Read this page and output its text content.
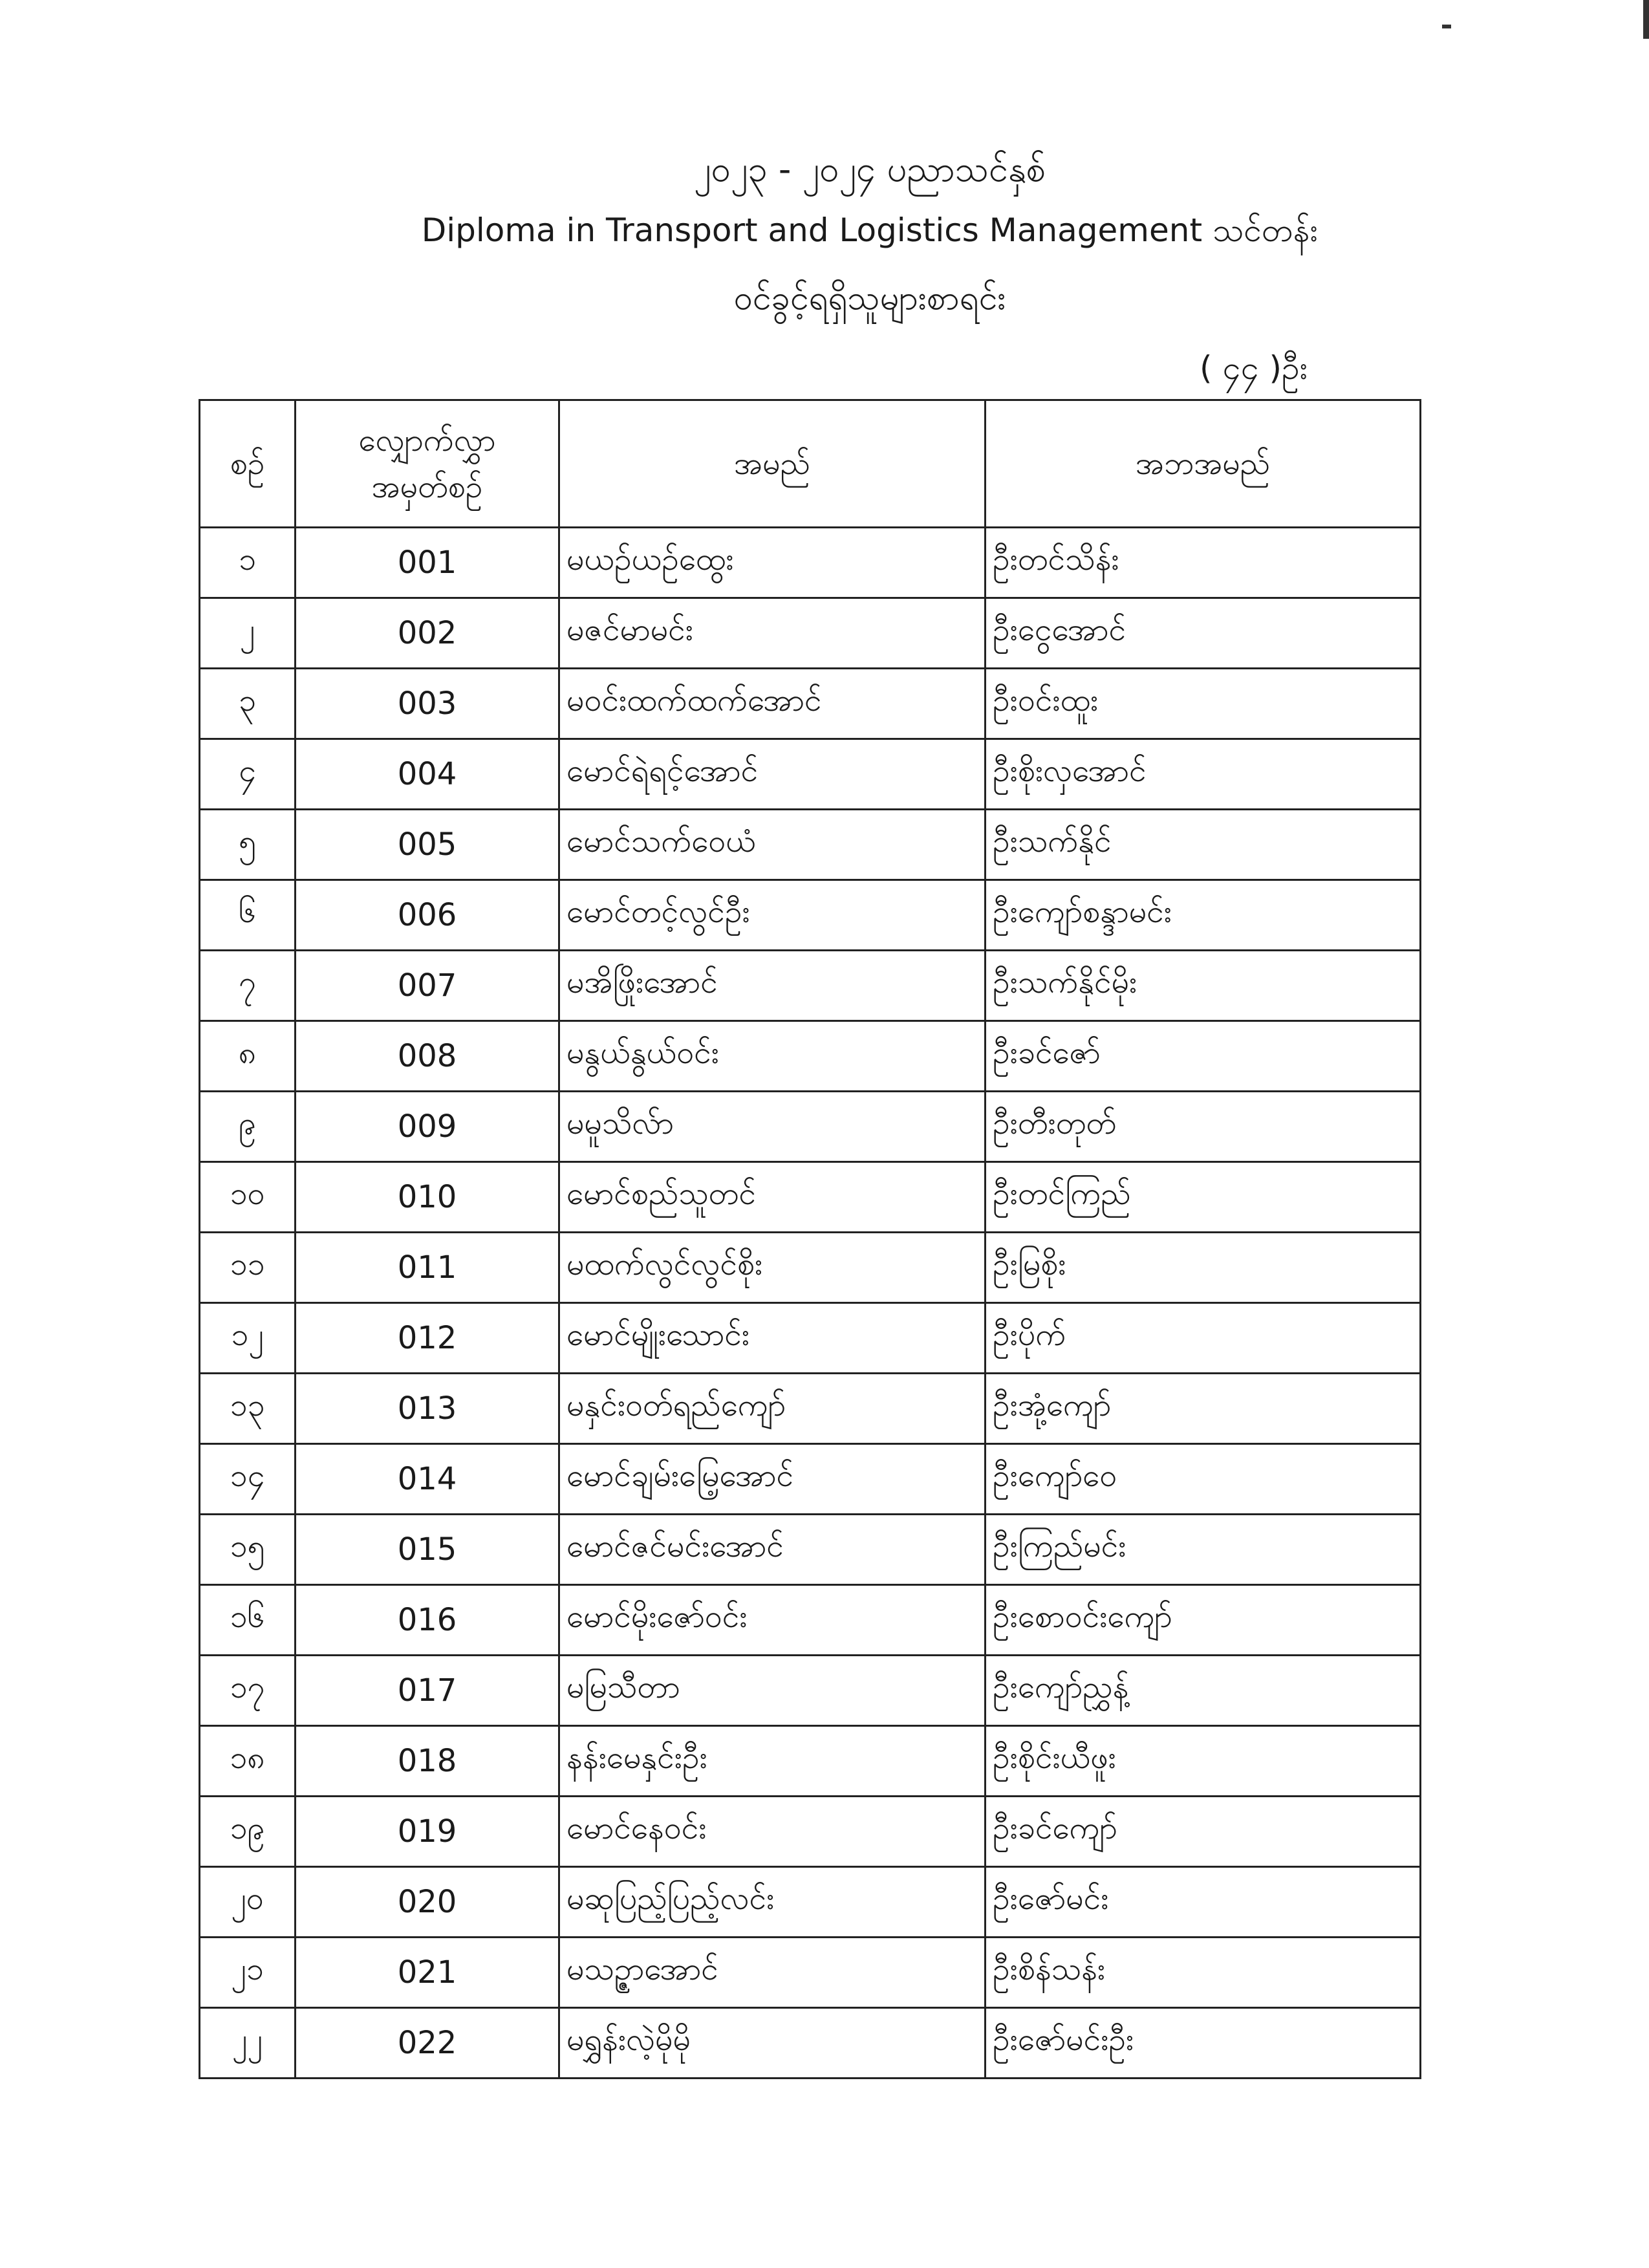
၂၀၂၃ - ၂၀၂၄ ပညာသင်နှစ်
Diploma in Transport and Logistics Management သင်တန်း
ဝင်ခွင့်ရရှိသူများစာရင်း
( ၄၄ )ဦး
စဉ်	လျှောက်လွှာ အမှတ်စဉ်	အမည်	အဘအမည်
၁	001	မယဉ်ယဉ်ထွေး	ဦးတင်သိန်း
၂	002	မဇင်မာမင်း	ဦးငွေအောင်
၃	003	မဝင်းထက်ထက်အောင်	ဦးဝင်းထူး
၄	004	မောင်ရဲရင့်အောင်	ဦးစိုးလှအောင်
၅	005	မောင်သက်ဝေယံ	ဦးသက်နိုင်
၆	006	မောင်တင့်လွင်ဦး	ဦးကျော်စန္ဒာမင်း
၇	007	မအိဖြိုးအောင်	ဦးသက်နိုင်မိုး
၈	008	မနွယ်နွယ်ဝင်း	ဦးခင်ဇော်
၉	009	မမူသိလ်ာ	ဦးတီးတုတ်
၁၀	010	မောင်စည်သူတင်	ဦးတင်ကြည်
၁၁	011	မထက်လွင်လွင်စိုး	ဦးမြစိုး
၁၂	012	မောင်မျိုးသောင်း	ဦးပိုက်
၁၃	013	မနှင်းဝတ်ရည်ကျော်	ဦးအုံ့ကျော်
၁၄	014	မောင်ချမ်းမြေ့အောင်	ဦးကျော်ဝေ
၁၅	015	မောင်ဇင်မင်းအောင်	ဦးကြည်မင်း
၁၆	016	မောင်မိုးဇော်ဝင်း	ဦးစောဝင်းကျော်
၁၇	017	မမြသီတာ	ဦးကျော်ညွှန့်
၁၈	018	နန်းမေနှင်းဦး	ဦးစိုင်းယီဖူး
၁၉	019	မောင်နေဝင်း	ဦးခင်ကျော်
၂၀	020	မဆုပြည့်ပြည့်လင်း	ဦးဇော်မင်း
၂၁	021	မသဉ္ဇာအောင်	ဦးစိန်သန်း
၂၂	022	မရွှန်းလဲ့မိုမို	ဦးဇော်မင်းဦး
